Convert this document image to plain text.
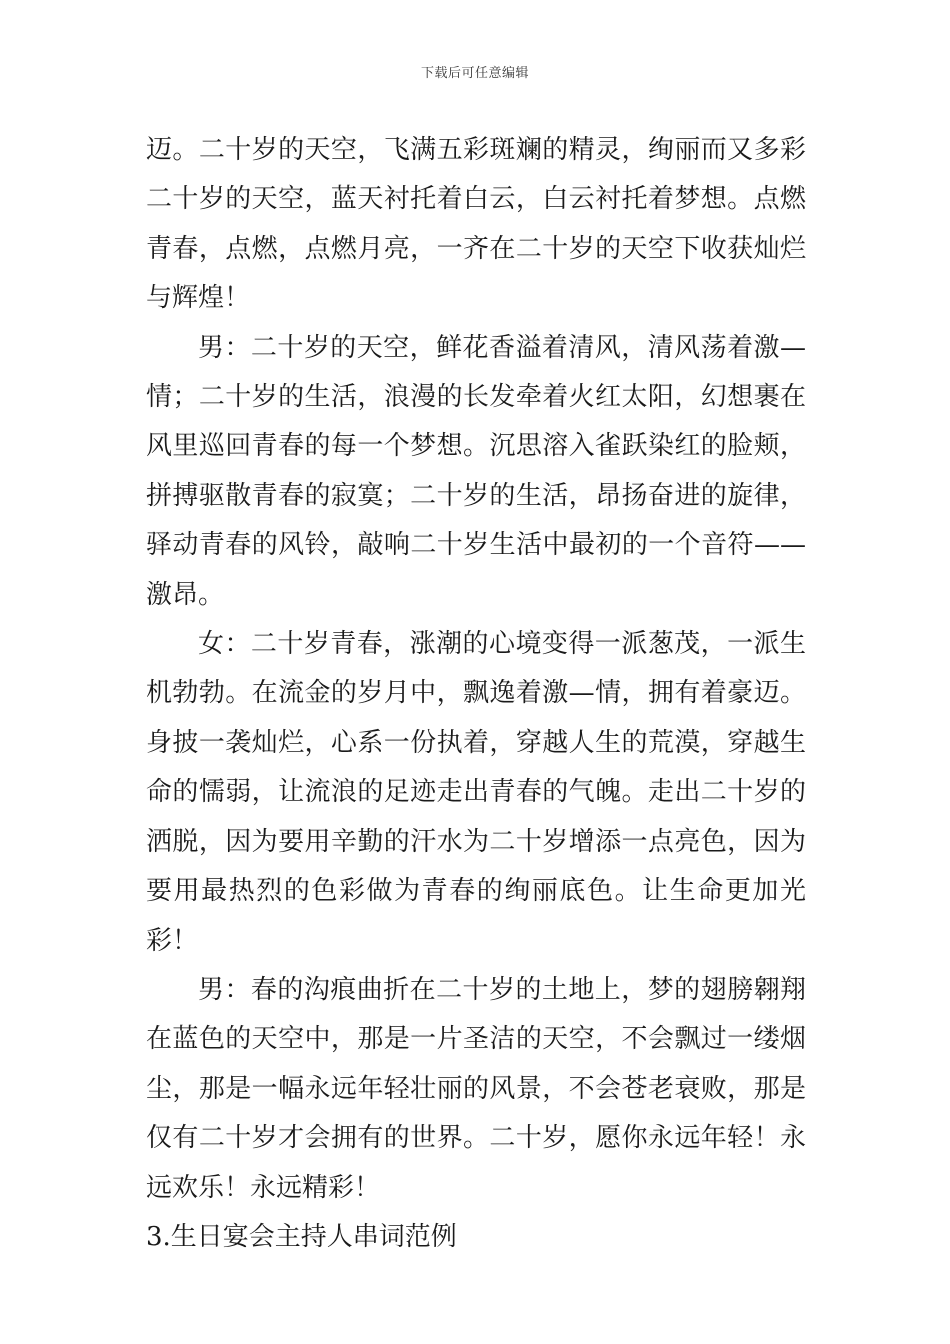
下载后可任意编辑

迈。二十岁的天空，飞满五彩斑斓的精灵，绚丽而又多彩二十岁的天空，蓝天衬托着白云，白云衬托着梦想。点燃青春，点燃，点燃月亮，一齐在二十岁的天空下收获灿烂与辉煌！

男：二十岁的天空，鲜花香溢着清风，清风荡着激—情；二十岁的生活，浪漫的长发牵着火红太阳，幻想裹在风里巡回青春的每一个梦想。沉思溶入雀跃染红的脸颊，拼搏驱散青春的寂寞；二十岁的生活，昂扬奋进的旋律，驿动青春的风铃，敲响二十岁生活中最初的一个音符——激昂。

女：二十岁青春，涨潮的心境变得一派葱茂，一派生机勃勃。在流金的岁月中，飘逸着激—情，拥有着豪迈。身披一袭灿烂，心系一份执着，穿越人生的荒漠，穿越生命的懦弱，让流浪的足迹走出青春的气魄。走出二十岁的洒脱，因为要用辛勤的汗水为二十岁增添一点亮色，因为要用最热烈的色彩做为青春的绚丽底色。让生命更加光彩！

男：春的沟痕曲折在二十岁的土地上，梦的翅膀翱翔在蓝色的天空中，那是一片圣洁的天空，不会飘过一缕烟尘，那是一幅永远年轻壮丽的风景，不会苍老衰败，那是仅有二十岁才会拥有的世界。二十岁，愿你永远年轻！永远欢乐！永远精彩！

3.生日宴会主持人串词范例
